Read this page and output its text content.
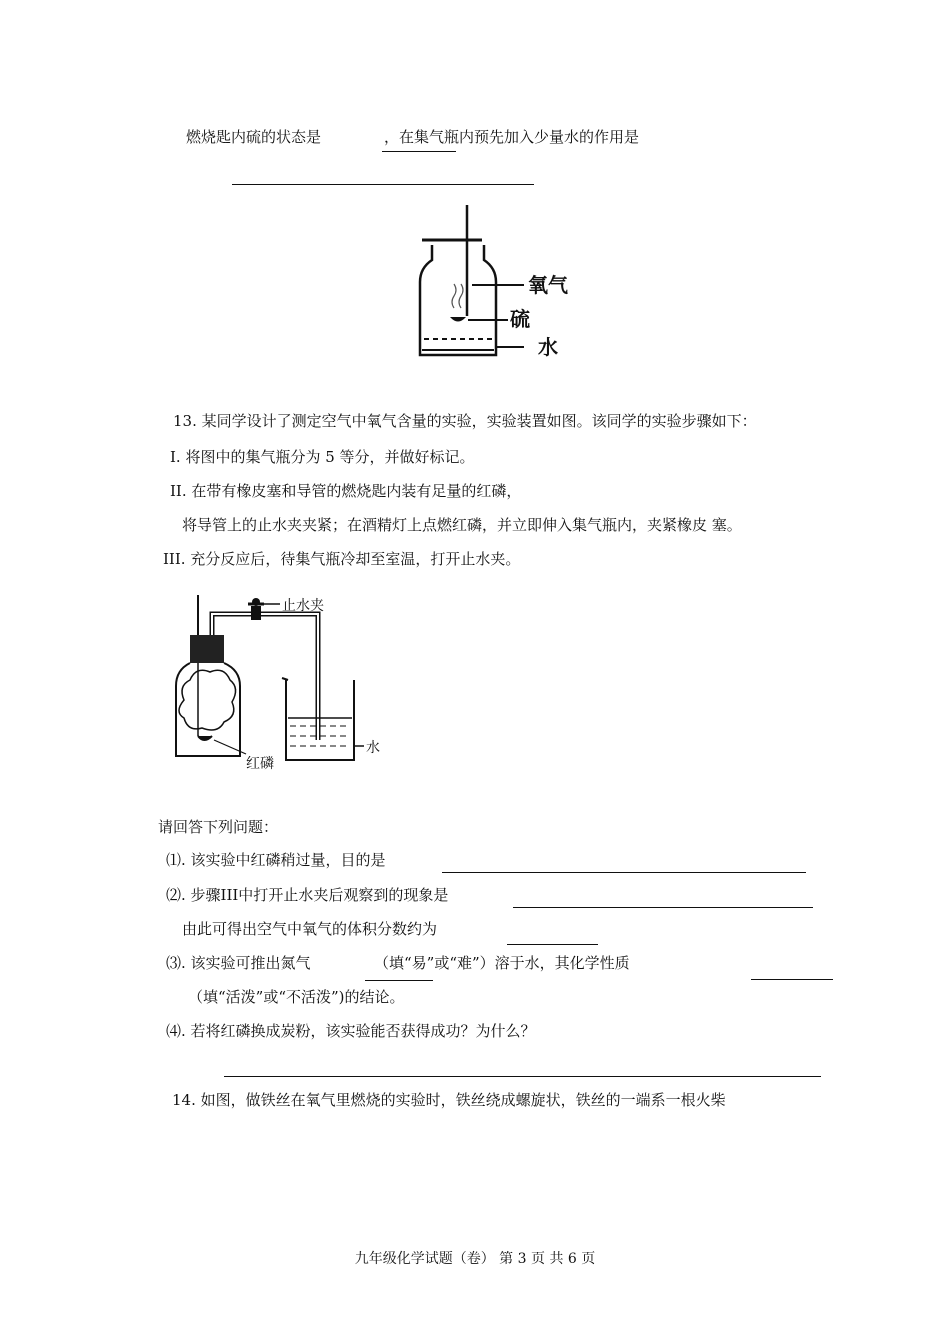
燃烧匙内硫的状态是	，在集气瓶内预先加入少量水的作用是
氧气
硫
水
13. 某同学设计了测定空气中氧气含量的实验，实验装置如图。该同学的实验步骤如下：
I. 将图中的集气瓶分为 5 等分，并做好标记。
II. 在带有橡皮塞和导管的燃烧匙内装有足量的红磷，
将导管上的止水夹夹紧；在酒精灯上点燃红磷，并立即伸入集气瓶内，夹紧橡皮 塞。
III. 充分反应后，待集气瓶冷却至室温，打开止水夹。
止水夹
红磷
水
请回答下列问题：
⑴. 该实验中红磷稍过量，目的是
⑵. 步骤III中打开止水夹后观察到的现象是
由此可得出空气中氧气的体积分数约为
⑶. 该实验可推出氮气	（填“易”或“难”）溶于水，其化学性质
（填“活泼”或“不活泼”)的结论。
⑷. 若将红磷换成炭粉，该实验能否获得成功？为什么？
14. 如图，做铁丝在氧气里燃烧的实验时，铁丝绕成螺旋状，铁丝的一端系一根火柴
九年级化学试题（卷） 第 3 页 共 6 页
